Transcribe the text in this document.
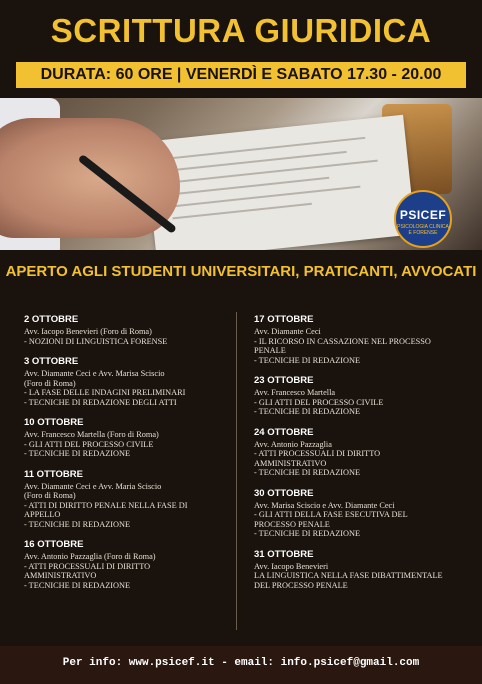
SCRITTURA GIURIDICA
DURATA: 60 ORE | VENERDÌ E SABATO 17.30 - 20.00
PSICEF
PSICOLOGIA CLINICA E FORENSE
APERTO AGLI STUDENTI UNIVERSITARI, PRATICANTI, AVVOCATI
2 OTTOBRE
Avv. Iacopo Benevieri (Foro di Roma)
- NOZIONI DI LINGUISTICA FORENSE
3 OTTOBRE
Avv. Diamante Ceci e Avv. Marisa Sciscio
(Foro di Roma)
- LA FASE DELLE INDAGINI PRELIMINARI
- TECNICHE DI REDAZIONE DEGLI ATTI
10 OTTOBRE
Avv. Francesco Martella (Foro di Roma)
- GLI ATTI DEL PROCESSO CIVILE
- TECNICHE DI REDAZIONE
11 OTTOBRE
Avv. Diamante Ceci e Avv. Maria Sciscio
(Foro di Roma)
- ATTI DI DIRITTO PENALE NELLA FASE DI
APPELLO
- TECNICHE DI REDAZIONE
16 OTTOBRE
Avv. Antonio Pazzaglia (Foro di Roma)
- ATTI PROCESSUALI DI DIRITTO
AMMINISTRATIVO
- TECNICHE DI REDAZIONE
17 OTTOBRE
Avv. Diamante Ceci
- IL RICORSO IN CASSAZIONE NEL PROCESSO
PENALE
- TECNICHE DI REDAZIONE
23 OTTOBRE
Avv. Francesco Martella
- GLI ATTI DEL PROCESSO CIVILE
- TECNICHE DI REDAZIONE
24 OTTOBRE
Avv. Antonio Pazzaglia
- ATTI PROCESSUALI DI DIRITTO
AMMINISTRATIVO
- TECNICHE DI REDAZIONE
30 OTTOBRE
Avv. Marisa Sciscio e Avv. Diamante Ceci
- GLI ATTI DELLA FASE ESECUTIVA DEL
PROCESSO PENALE
- TECNICHE DI REDAZIONE
31 OTTOBRE
Avv. Iacopo Benevieri
LA LINGUISTICA NELLA FASE DIBATTIMENTALE
DEL PROCESSO PENALE
Per info: www.psicef.it - email: info.psicef@gmail.com
